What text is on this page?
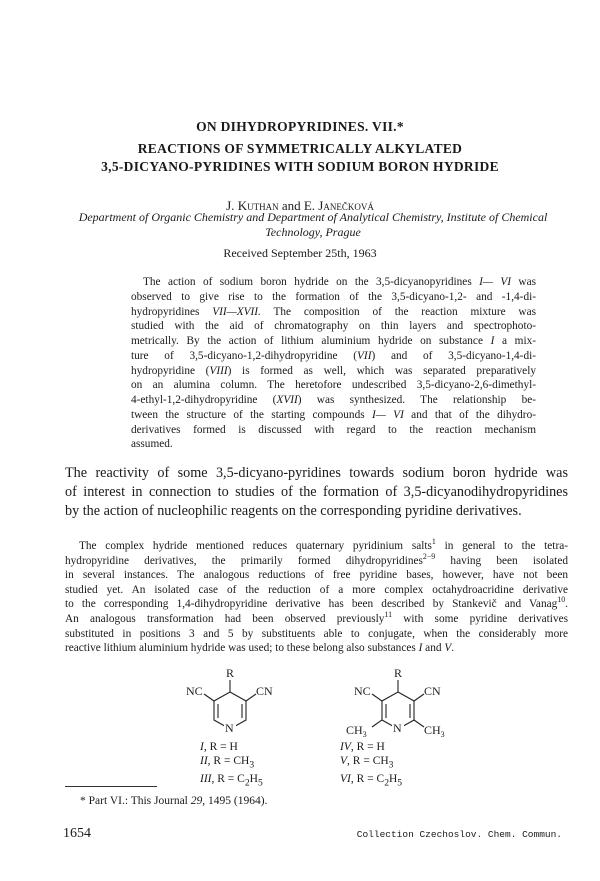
ON DIHYDROPYRIDINES. VII.*
REACTIONS OF SYMMETRICALLY ALKYLATED
3,5-DICYANO-PYRIDINES WITH SODIUM BORON HYDRIDE
J. Kuthan and E. Janečková
Department of Organic Chemistry and Department of Analytical Chemistry, Institute of Chemical
Technology, Prague
Received September 25th, 1963
The action of sodium boron hydride on the 3,5-dicyanopyridines I— VI was
observed to give rise to the formation of the 3,5-dicyano-1,2- and -1,4-di-
hydropyridines VII—XVII. The composition of the reaction mixture was
studied with the aid of chromatography on thin layers and spectrophoto-
metrically. By the action of lithium aluminium hydride on substance I a mix-
ture of 3,5-dicyano-1,2-dihydropyridine (VII) and of 3,5-dicyano-1,4-di-
hydropyridine (VIII) is formed as well, which was separated preparatively
on an alumina column. The heretofore undescribed 3,5-dicyano-2,6-dimethyl-
4-ethyl-1,2-dihydropyridine (XVII) was synthesized. The relationship be-
tween the structure of the starting compounds I— VI and that of the dihydro-
derivatives formed is discussed with regard to the reaction mechanism
assumed.
The reactivity of some 3,5-dicyano-pyridines towards sodium boron hydride was
of interest in connection to studies of the formation of 3,5-dicyanodihydropyridines
by the action of nucleophilic reagents on the corresponding pyridine derivatives.
The complex hydride mentioned reduces quaternary pyridinium salts$^1$ in general to the tetra-
hydropyridine derivatives, the primarily formed dihydropyridines$^{2-9}$ having been isolated
in several instances. The analogous reductions of free pyridine bases, however, have not been
studied yet. An isolated case of the reduction of a more complex octahydroacridine derivative
to the corresponding 1,4-dihydropyridine derivative has been described by Stankevič and Vanag$^{10}$.
An analogous transformation had been observed previously$^{11}$ with some pyridine derivatives
substituted in positions 3 and 5 by substituents able to conjugate, when the considerably more
reactive lithium aluminium hydride was used; to these belong also substances I and V.
R
NC	CN
N
R
NC	CN
N
$CH_3$	$CH_3$
I, R = H
II, $R = CH_3$
III, $R = C_2H_5$
IV, R = H
V, $R = CH_3$
VI, $R = C_2H_5$
* Part VI.: This Journal 29, 1495 (1964).
1654	Collection Czechoslov. Chem. Commun.
